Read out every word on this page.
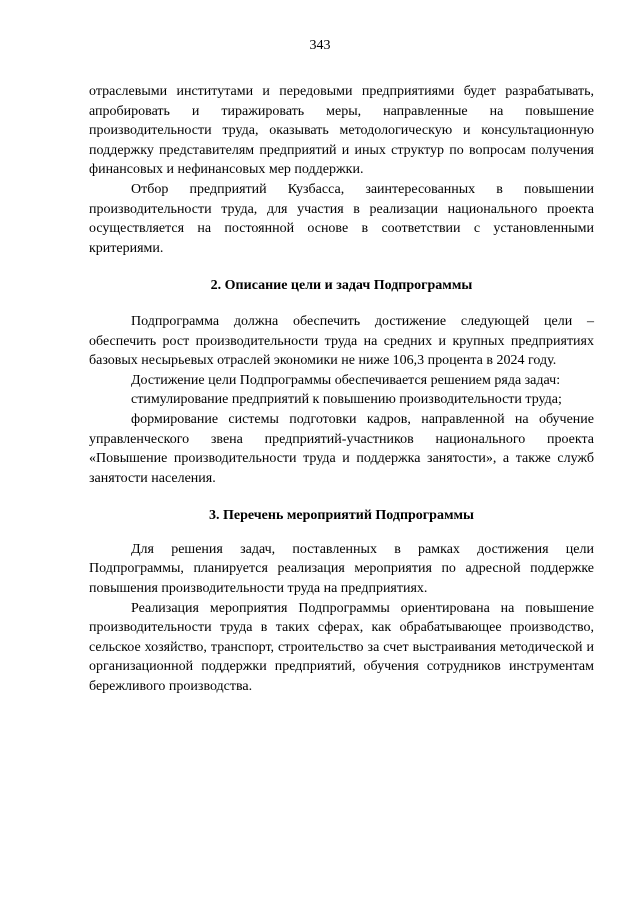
343

отраслевыми институтами и передовыми предприятиями будет разрабатывать, апробировать и тиражировать меры, направленные на повышение производительности труда, оказывать методологическую и консультационную поддержку представителям предприятий и иных структур по вопросам получения финансовых и нефинансовых мер поддержки.

Отбор предприятий Кузбасса, заинтересованных в повышении производительности труда, для участия в реализации национального проекта осуществляется на постоянной основе в соответствии с установленными критериями.

2. Описание цели и задач Подпрограммы

Подпрограмма должна обеспечить достижение следующей цели – обеспечить рост производительности труда на средних и крупных предприятиях базовых несырьевых отраслей экономики не ниже 106,3 процента в 2024 году.

Достижение цели Подпрограммы обеспечивается решением ряда задач:

стимулирование предприятий к повышению производительности труда;

формирование системы подготовки кадров, направленной на обучение управленческого звена предприятий-участников национального проекта «Повышение производительности труда и поддержка занятости», а также служб занятости населения.

3. Перечень мероприятий Подпрограммы

Для решения задач, поставленных в рамках достижения цели Подпрограммы, планируется реализация мероприятия по адресной поддержке повышения производительности труда на предприятиях.

Реализация мероприятия Подпрограммы ориентирована на повышение производительности труда в таких сферах, как обрабатывающее производство, сельское хозяйство, транспорт, строительство за счет выстраивания методической и организационной поддержки предприятий, обучения сотрудников инструментам бережливого производства.
